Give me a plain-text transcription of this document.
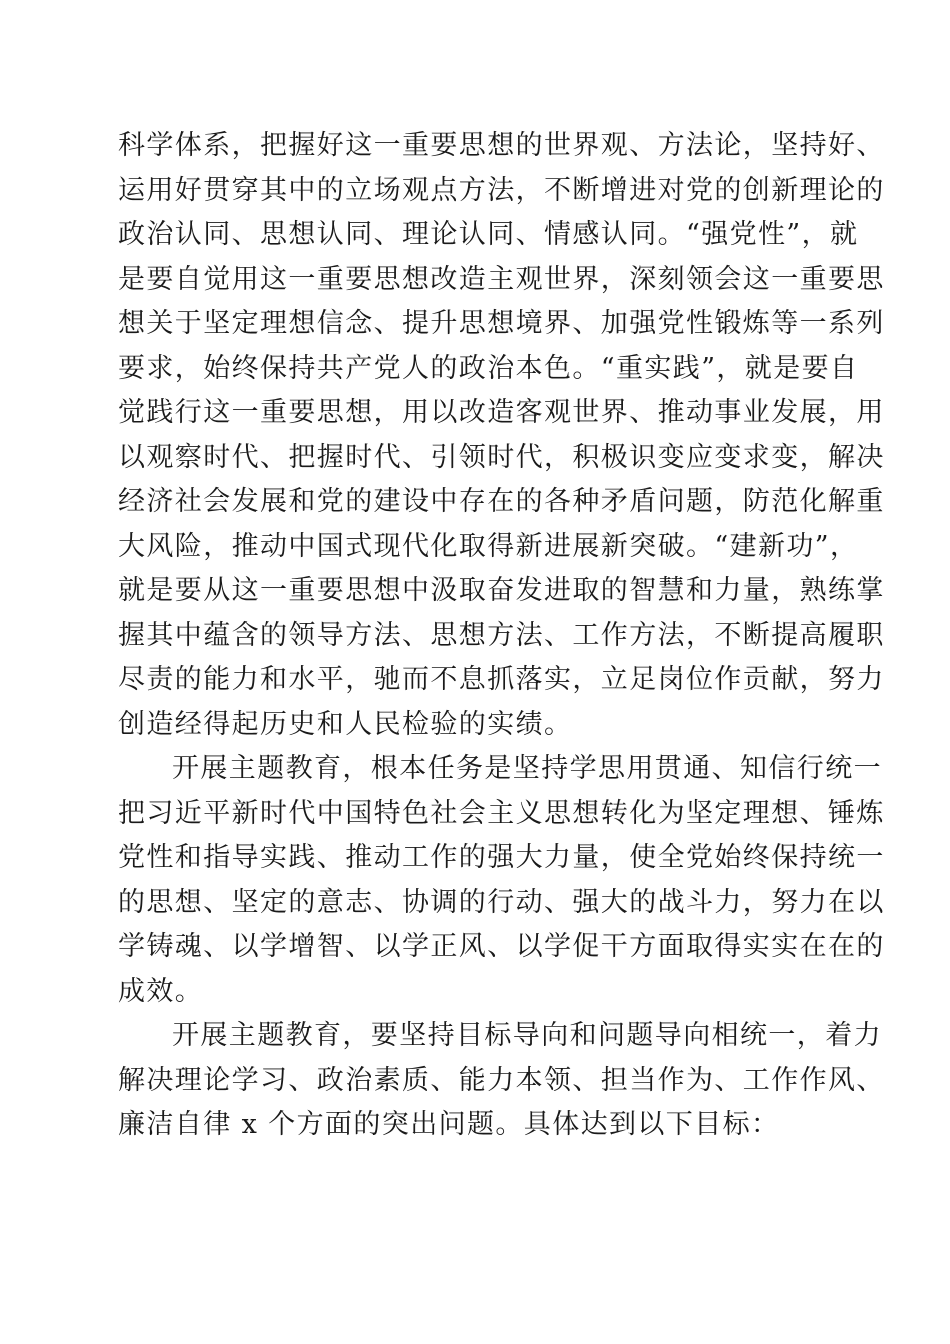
科学体系，把握好这一重要思想的世界观、方法论，坚持好、
运用好贯穿其中的立场观点方法，不断增进对党的创新理论的
政治认同、思想认同、理论认同、情感认同。“强党性”，就
是要自觉用这一重要思想改造主观世界，深刻领会这一重要思
想关于坚定理想信念、提升思想境界、加强党性锻炼等一系列
要求，始终保持共产党人的政治本色。“重实践”，就是要自
觉践行这一重要思想，用以改造客观世界、推动事业发展，用
以观察时代、把握时代、引领时代，积极识变应变求变，解决
经济社会发展和党的建设中存在的各种矛盾问题，防范化解重
大风险，推动中国式现代化取得新进展新突破。“建新功”，
就是要从这一重要思想中汲取奋发进取的智慧和力量，熟练掌
握其中蕴含的领导方法、思想方法、工作方法，不断提高履职
尽责的能力和水平，驰而不息抓落实，立足岗位作贡献，努力
创造经得起历史和人民检验的实绩。
开展主题教育，根本任务是坚持学思用贯通、知信行统一
把习近平新时代中国特色社会主义思想转化为坚定理想、锤炼
党性和指导实践、推动工作的强大力量，使全党始终保持统一
的思想、坚定的意志、协调的行动、强大的战斗力，努力在以
学铸魂、以学增智、以学正风、以学促干方面取得实实在在的
成效。
开展主题教育，要坚持目标导向和问题导向相统一，着力
解决理论学习、政治素质、能力本领、担当作为、工作作风、
廉洁自律 x 个方面的突出问题。具体达到以下目标：
